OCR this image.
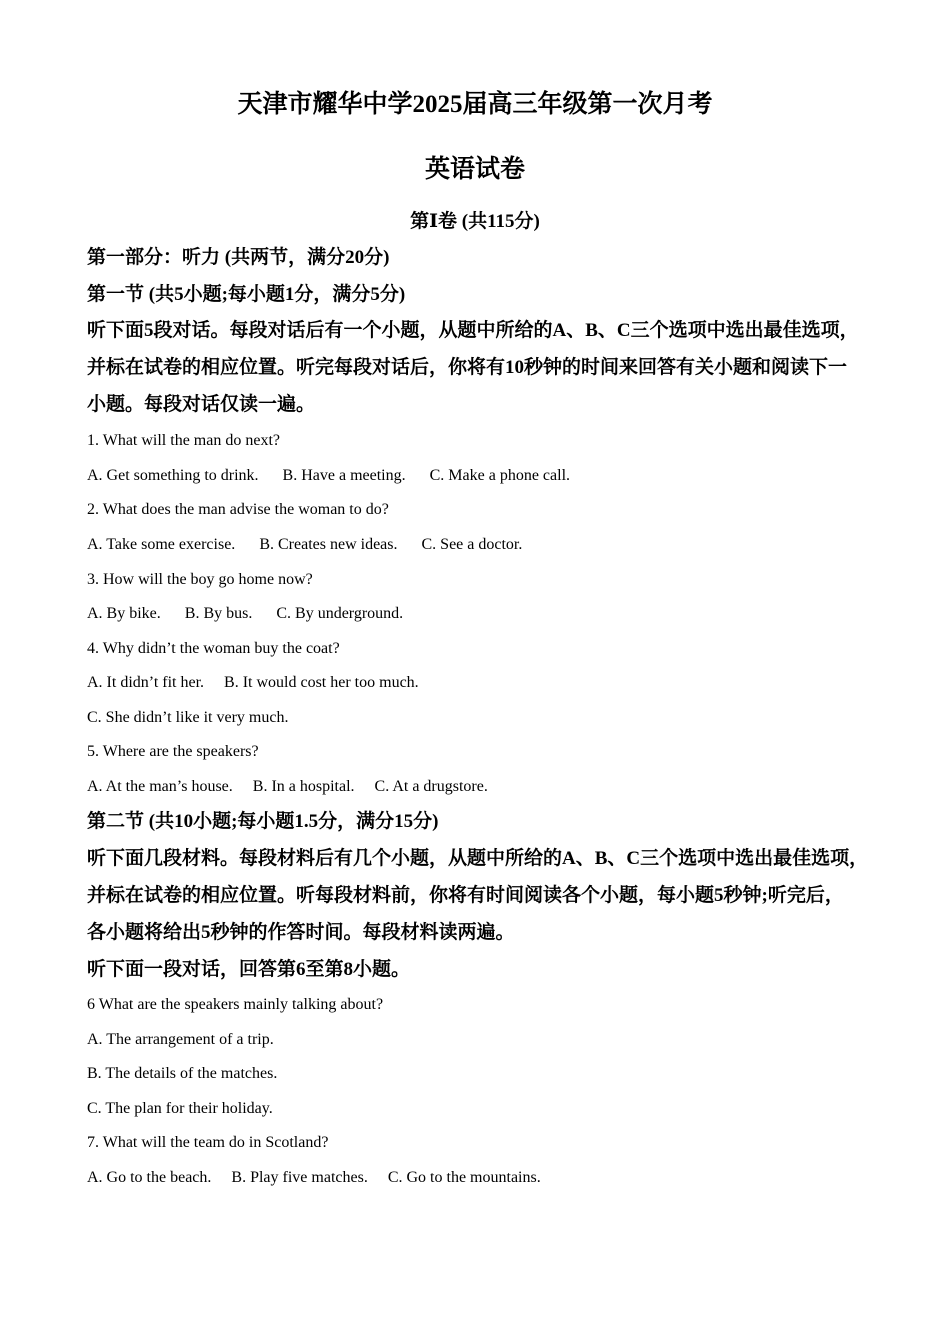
天津市耀华中学2025届高三年级第一次月考
英语试卷
第Ⅰ卷 (共115分)
第一部分：听力 (共两节，满分20分)
第一节 (共5小题;每小题1分，满分5分)
听下面5段对话。每段对话后有一个小题，从题中所给的A、B、C三个选项中选出最佳选项，
并标在试卷的相应位置。听完每段对话后，你将有10秒钟的时间来回答有关小题和阅读下一
小题。每段对话仅读一遍。
1. What will the man do next?
A. Get something to drink. B. Have a meeting. C. Make a phone call.
2. What does the man advise the woman to do?
A. Take some exercise. B. Creates new ideas. C. See a doctor.
3. How will the boy go home now?
A. By bike. B. By bus. C. By underground.
4. Why didn’t the woman buy the coat?
A. It didn’t fit her. B. It would cost her too much.
C. She didn’t like it very much.
5. Where are the speakers?
A. At the man’s house. B. In a hospital. C. At a drugstore.
第二节 (共10小题;每小题1.5分，满分15分)
听下面几段材料。每段材料后有几个小题，从题中所给的A、B、C三个选项中选出最佳选项，
并标在试卷的相应位置。听每段材料前，你将有时间阅读各个小题，每小题5秒钟;听完后，
各小题将给出5秒钟的作答时间。每段材料读两遍。
听下面一段对话，回答第6至第8小题。
6 What are the speakers mainly talking about?
A. The arrangement of a trip.
B. The details of the matches.
C. The plan for their holiday.
7. What will the team do in Scotland?
A. Go to the beach. B. Play five matches. C. Go to the mountains.
